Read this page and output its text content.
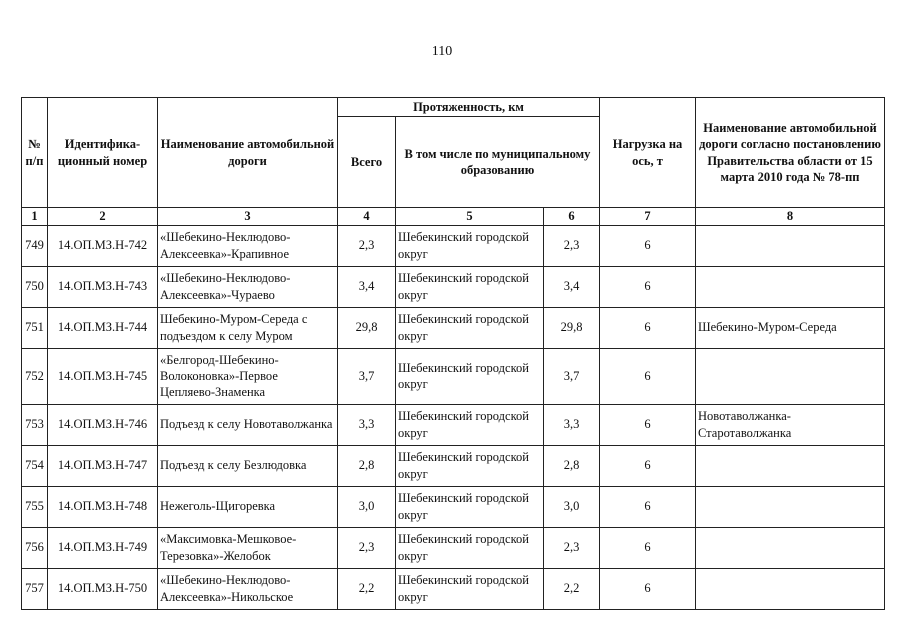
110
№ п/п	Идентифика-ционный номер	Наименование автомобильной дороги	Протяженность, км			Нагрузка на ось, т	Наименование автомобильной дороги согласно постановлению Правительства области от 15 марта 2010 года № 78-пп
			Всего	В том числе по муниципальному образованию			
1	2	3	4	5	6	7	8
749	14.ОП.МЗ.Н-742	«Шебекино-Неклюдово-Алексеевка»-Крапивное	2,3	Шебекинский городской округ	2,3	6	
750	14.ОП.МЗ.Н-743	«Шебекино-Неклюдово-Алексеевка»-Чураево	3,4	Шебекинский городской округ	3,4	6	
751	14.ОП.МЗ.Н-744	Шебекино-Муром-Середа с подъездом к селу Муром	29,8	Шебекинский городской округ	29,8	6	Шебекино-Муром-Середа
752	14.ОП.МЗ.Н-745	«Белгород-Шебекино-Волоконовка»-Первое Цепляево-Знаменка	3,7	Шебекинский городской округ	3,7	6	
753	14.ОП.МЗ.Н-746	Подъезд к селу Новотаволжанка	3,3	Шебекинский городской округ	3,3	6	Новотаволжанка-Старотаволжанка
754	14.ОП.МЗ.Н-747	Подъезд к селу Безлюдовка	2,8	Шебекинский городской округ	2,8	6	
755	14.ОП.МЗ.Н-748	Нежеголь-Щигоревка	3,0	Шебекинский городской округ	3,0	6	
756	14.ОП.МЗ.Н-749	«Максимовка-Мешковое-Терезовка»-Желобок	2,3	Шебекинский городской округ	2,3	6	
757	14.ОП.МЗ.Н-750	«Шебекино-Неклюдово-Алексеевка»-Никольское	2,2	Шебекинский городской округ	2,2	6	
